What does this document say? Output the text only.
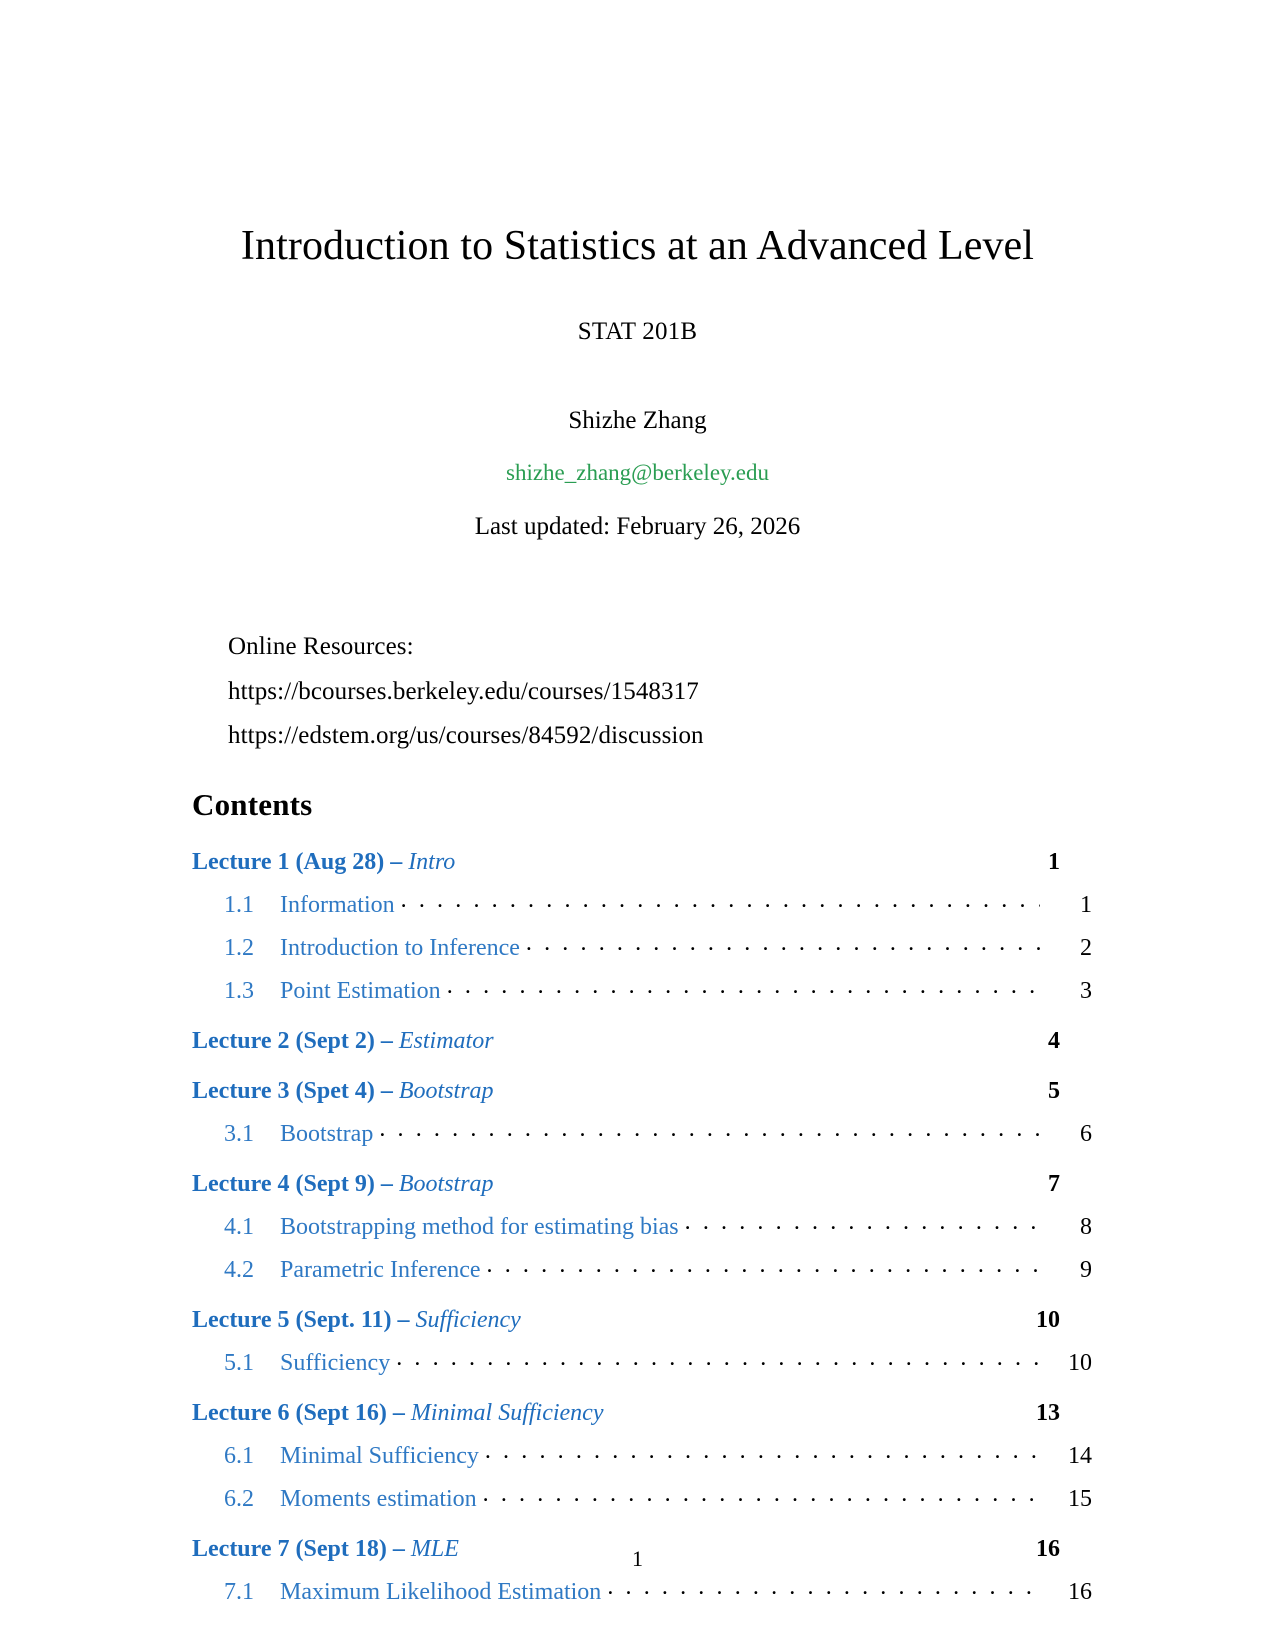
Introduction to Statistics at an Advanced Level

STAT 201B

Shizhe Zhang

shizhe_zhang@berkeley.edu

Last updated: February 26, 2026

Online Resources:

https://bcourses.berkeley.edu/courses/1548317

https://edstem.org/us/courses/84592/discussion

Contents
Lecture 1 (Aug 28) – Intro	1
1.1	Information . . .	1
1.2	Introduction to Inference . . .	2
1.3	Point Estimation . . .	3
Lecture 2 (Sept 2) – Estimator	4
Lecture 3 (Spet 4) – Bootstrap	5
3.1	Bootstrap . . .	6
Lecture 4 (Sept 9) – Bootstrap	7
4.1	Bootstrapping method for estimating bias . . .	8
4.2	Parametric Inference . . .	9
Lecture 5 (Sept. 11) – Sufficiency	10
5.1	Sufficiency . . .	10
Lecture 6 (Sept 16) – Minimal Sufficiency	13
6.1	Minimal Sufficiency . . .	14
6.2	Moments estimation . . .	15
Lecture 7 (Sept 18) – MLE	16
7.1	Maximum Likelihood Estimation . . .	16
1
